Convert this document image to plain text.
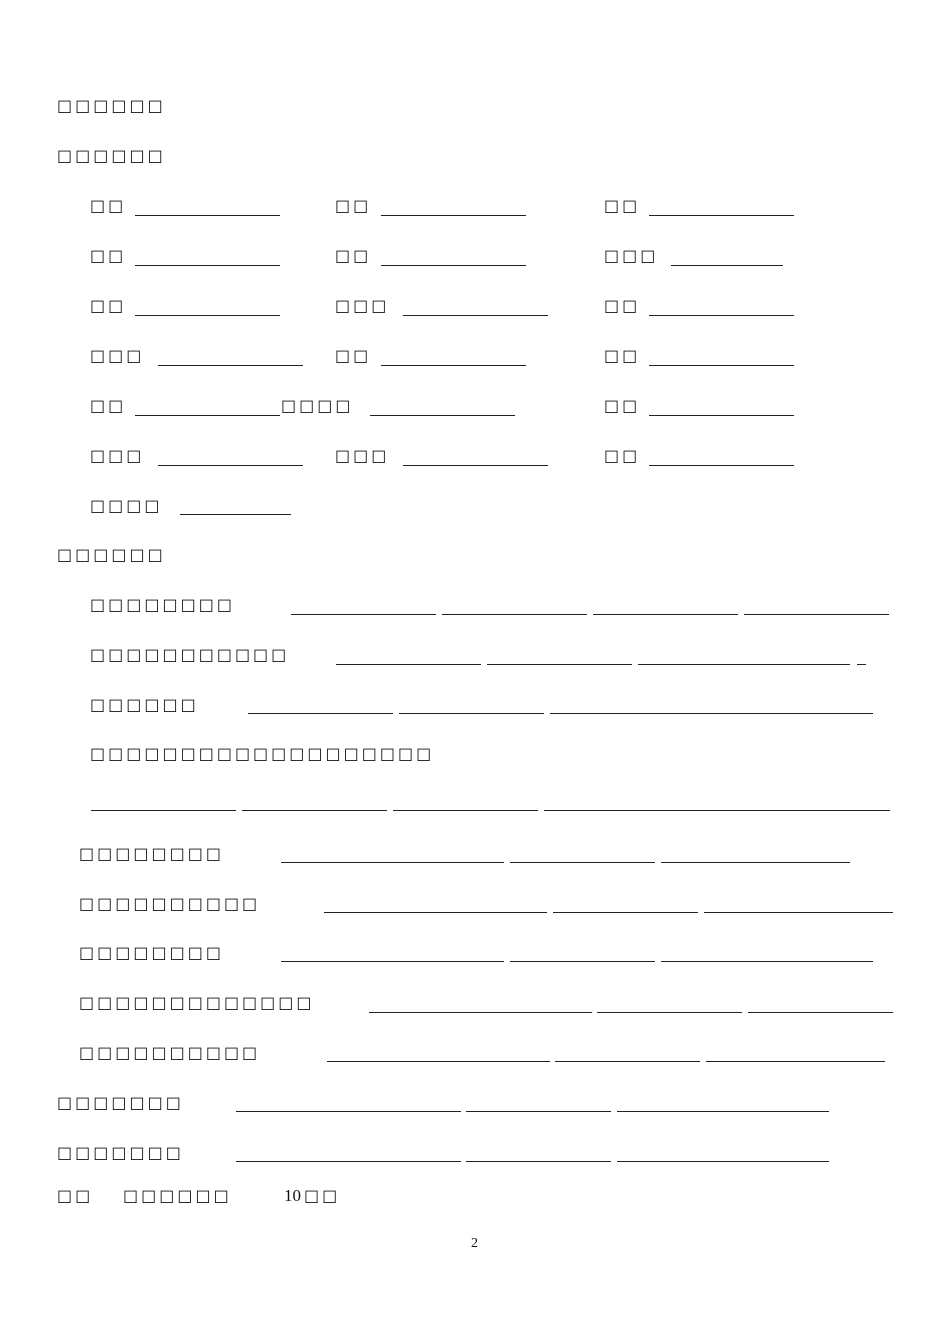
□□□□□□
□□□□□□
□□	□□	□□
□□	□□	□□□
□□	□□□	□□
□□□	□□	□□
□□	□□□□	□□
□□□	□□□	□□
□□□□
□□□□□□
□□□□□□□□
□□□□□□□□□□□
□□□□□□
□□□□□□□□□□□□□□□□□□□
□□□□□□□□
□□□□□□□□□□
□□□□□□□□
□□□□□□□□□□□□□
□□□□□□□□□□
□□□□□□□
□□□□□□□
□□ □□□□□□	10 □□
2
